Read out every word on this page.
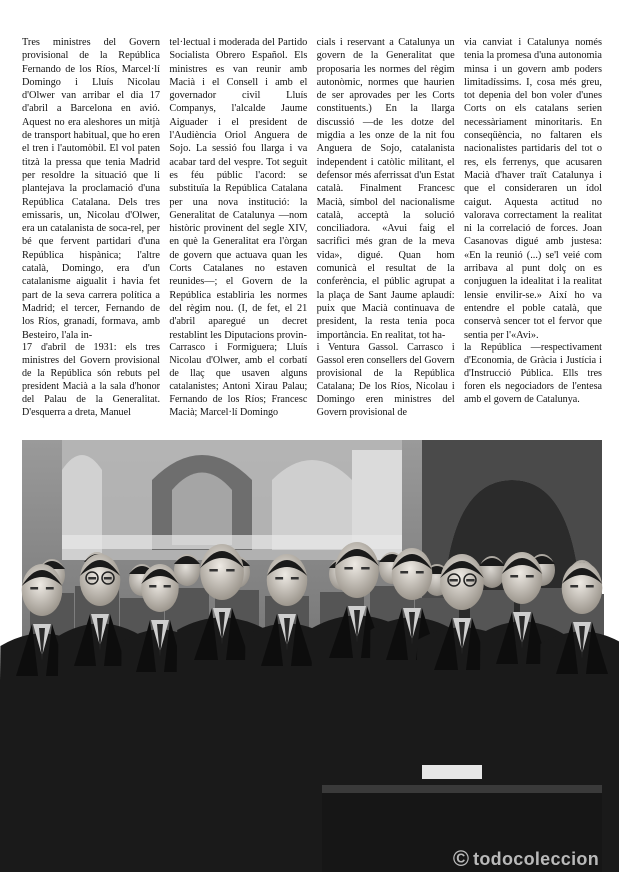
Tres ministres del Govern provisional de la República Fernando de los Ríos, Marcel·lí Domingo i Lluís Nicolau d'Olwer van arribar el dia 17 d'abril a Barcelona en avió. Aquest no era aleshores un mitjà de transport habitual, que ho eren el tren i l'automòbil. El vol paten titzà la pressa que tenia Madrid per resoldre la situació que li plantejava la proclamació d'una República Catalana. Dels tres emissaris, un, Nicolau d'Olwer, era un catalanista de soca-rel, per bé que fervent partidari d'una República hispànica; l'altre català, Domingo, era d'un catalanisme aigualit i havia fet part de la seva carrera política a Madrid; el tercer, Fernando de los Ríos, granadí, formava, amb Besteiro, l'ala in-

tel·lectual i moderada del Partido Socialista Obrero Español. Els ministres es van reunir amb Macià i el Consell i amb el governador civil Lluís Companys, l'alcalde Jaume Aiguader i el president de l'Audiència Oriol Anguera de Sojo. La sessió fou llarga i va acabar tard del vespre. Tot seguit es féu públic l'acord: se substituïa la República Catalana per una nova institució: la Generalitat de Catalunya —nom històric provinent del segle XIV, en què la Generalitat era l'òrgan de govern que actuava quan les Corts Catalanes no estaven reunides—; el Govern de la República establiria les normes del règim nou. (I, de fet, el 21 d'abril aparegué un decret restablint les Diputacions provin-

cials i reservant a Catalunya un govern de la Generalitat que proposaria les normes del règim autonòmic, normes que haurien de ser aprovades per les Corts constituents.) En la llarga discussió —de les dotze del migdia a les onze de la nit fou Anguera de Sojo, catalanista independent i catòlic militant, el defensor més aferrissat d'un Estat català. Finalment Francesc Macià, símbol del nacionalisme català, acceptà la solució conciliadora. «Avui faig el sacrifici més gran de la meva vida», digué. Quan hom comunicà el resultat de la conferència, el públic agrupat a la plaça de Sant Jaume aplaudí: puix que Macià continuava de president, la resta tenia poca importància. En realitat, tot ha-

via canviat i Catalunya només tenia la promesa d'una autonomia minsa i un govern amb poders limitadíssims. I, cosa més greu, tot depenia del bon voler d'unes Corts on els catalans serien necessàriament minoritaris. En conseqüència, no faltaren els nacionalistes partidaris del tot o res, els ferrenys, que acusaren Macià d'haver traït Catalunya i que el consideraren un ídol caigut. Aquesta actitud no valorava correctament la realitat ni la correlació de forces. Joan Casanovas digué amb justesa: «En la reunió (...) se'l veié com arribava al punt dolç on es conjuguen la idealitat i la realitat lensie envilir-se.» Així ho va entendre el poble català, que conservà sencer tot el fervor que sentia per l'«Avi».

17 d'abril de 1931: els tres ministres del Govern provisional de la República són rebuts pel president Macià a la sala d'honor del Palau de la Generalitat. D'esquerra a dreta, Manuel
Carrasco i Formiguera; Lluís Nicolau d'Olwer, amb el corbatí de llaç que usaven alguns catalanistes; Antoni Xirau Palau; Fernando de los Ríos; Francesc Macià; Marcel·lí Domingo
i Ventura Gassol. Carrasco i Gassol eren consellers del Govern provisional de la República Catalana; De los Ríos, Nicolau i Domingo eren ministres del Govern provisional de
la República —respectivament d'Economia, de Gràcia i Justícia i d'Instrucció Pública. Ells tres foren els negociadors de l'entesa amb el govern de Catalunya.
© todocoleccion
